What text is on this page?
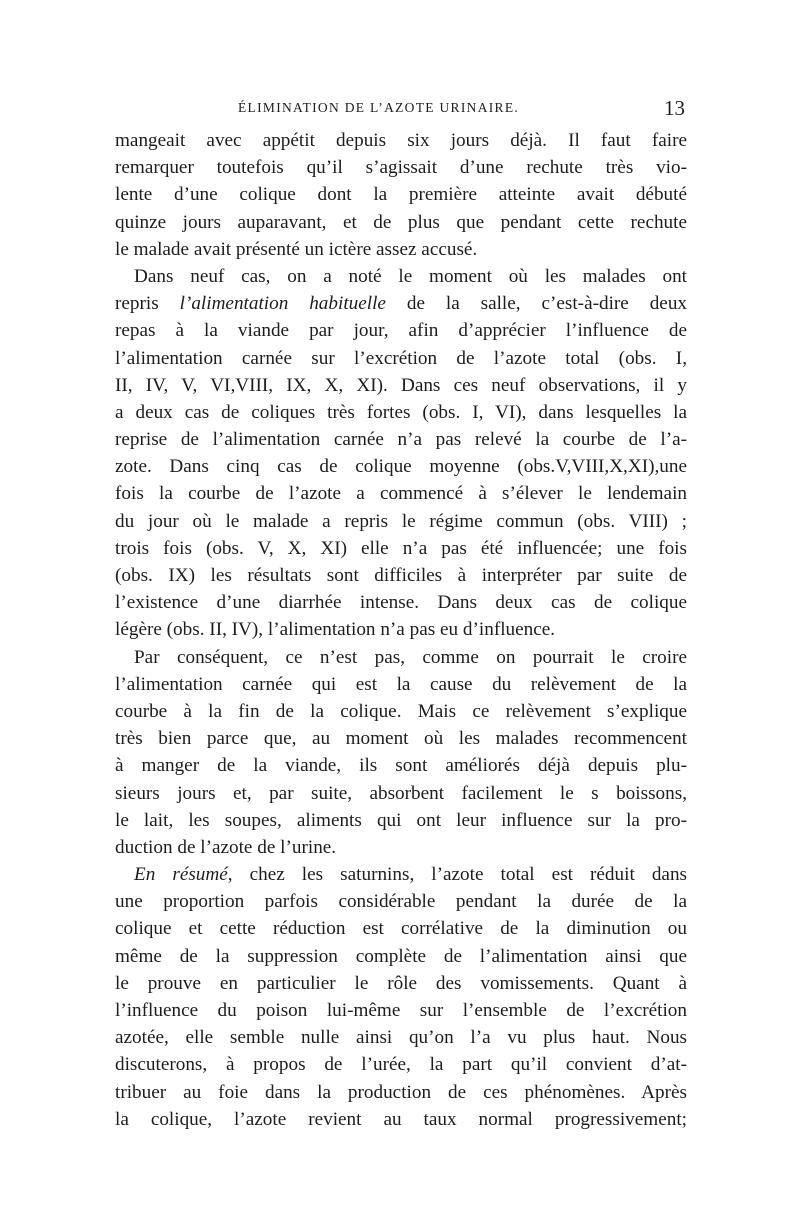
ÉLIMINATION DE L’AZOTE URINAIRE.	13
mangeait avec appétit depuis six jours déjà. Il faut faire
remarquer toutefois qu’il s’agissait d’une rechute très vio-
lente d’une colique dont la première atteinte avait débuté
quinze jours auparavant, et de plus que pendant cette rechute
le malade avait présenté un ictère assez accusé.
Dans neuf cas, on a noté le moment où les malades ont
repris l’alimentation habituelle de la salle, c’est-à-dire deux
repas à la viande par jour, afin d’apprécier l’influence de
l’alimentation carnée sur l’excrétion de l’azote total (obs. I,
II, IV, V, VI,VIII, IX, X, XI). Dans ces neuf observations, il y
a deux cas de coliques très fortes (obs. I, VI), dans lesquelles la
reprise de l’alimentation carnée n’a pas relevé la courbe de l’a-
zote. Dans cinq cas de colique moyenne (obs.V,VIII,X,XI),une
fois la courbe de l’azote a commencé à s’élever le lendemain
du jour où le malade a repris le régime commun (obs. VIII) ;
trois fois (obs. V, X, XI) elle n’a pas été influencée; une fois
(obs. IX) les résultats sont difficiles à interpréter par suite de
l’existence d’une diarrhée intense. Dans deux cas de colique
légère (obs. II, IV), l’alimentation n’a pas eu d’influence.
Par conséquent, ce n’est pas, comme on pourrait le croire
l’alimentation carnée qui est la cause du relèvement de la
courbe à la fin de la colique. Mais ce relèvement s’explique
très bien parce que, au moment où les malades recommencent
à manger de la viande, ils sont améliorés déjà depuis plu-
sieurs jours et, par suite, absorbent facilement le s boissons,
le lait, les soupes, aliments qui ont leur influence sur la pro-
duction de l’azote de l’urine.
En résumé, chez les saturnins, l’azote total est réduit dans
une proportion parfois considérable pendant la durée de la
colique et cette réduction est corrélative de la diminution ou
même de la suppression complète de l’alimentation ainsi que
le prouve en particulier le rôle des vomissements. Quant à
l’influence du poison lui-même sur l’ensemble de l’excrétion
azotée, elle semble nulle ainsi qu’on l’a vu plus haut. Nous
discuterons, à propos de l’urée, la part qu’il convient d’at-
tribuer au foie dans la production de ces phénomènes. Après
la colique, l’azote revient au taux normal progressivement;
